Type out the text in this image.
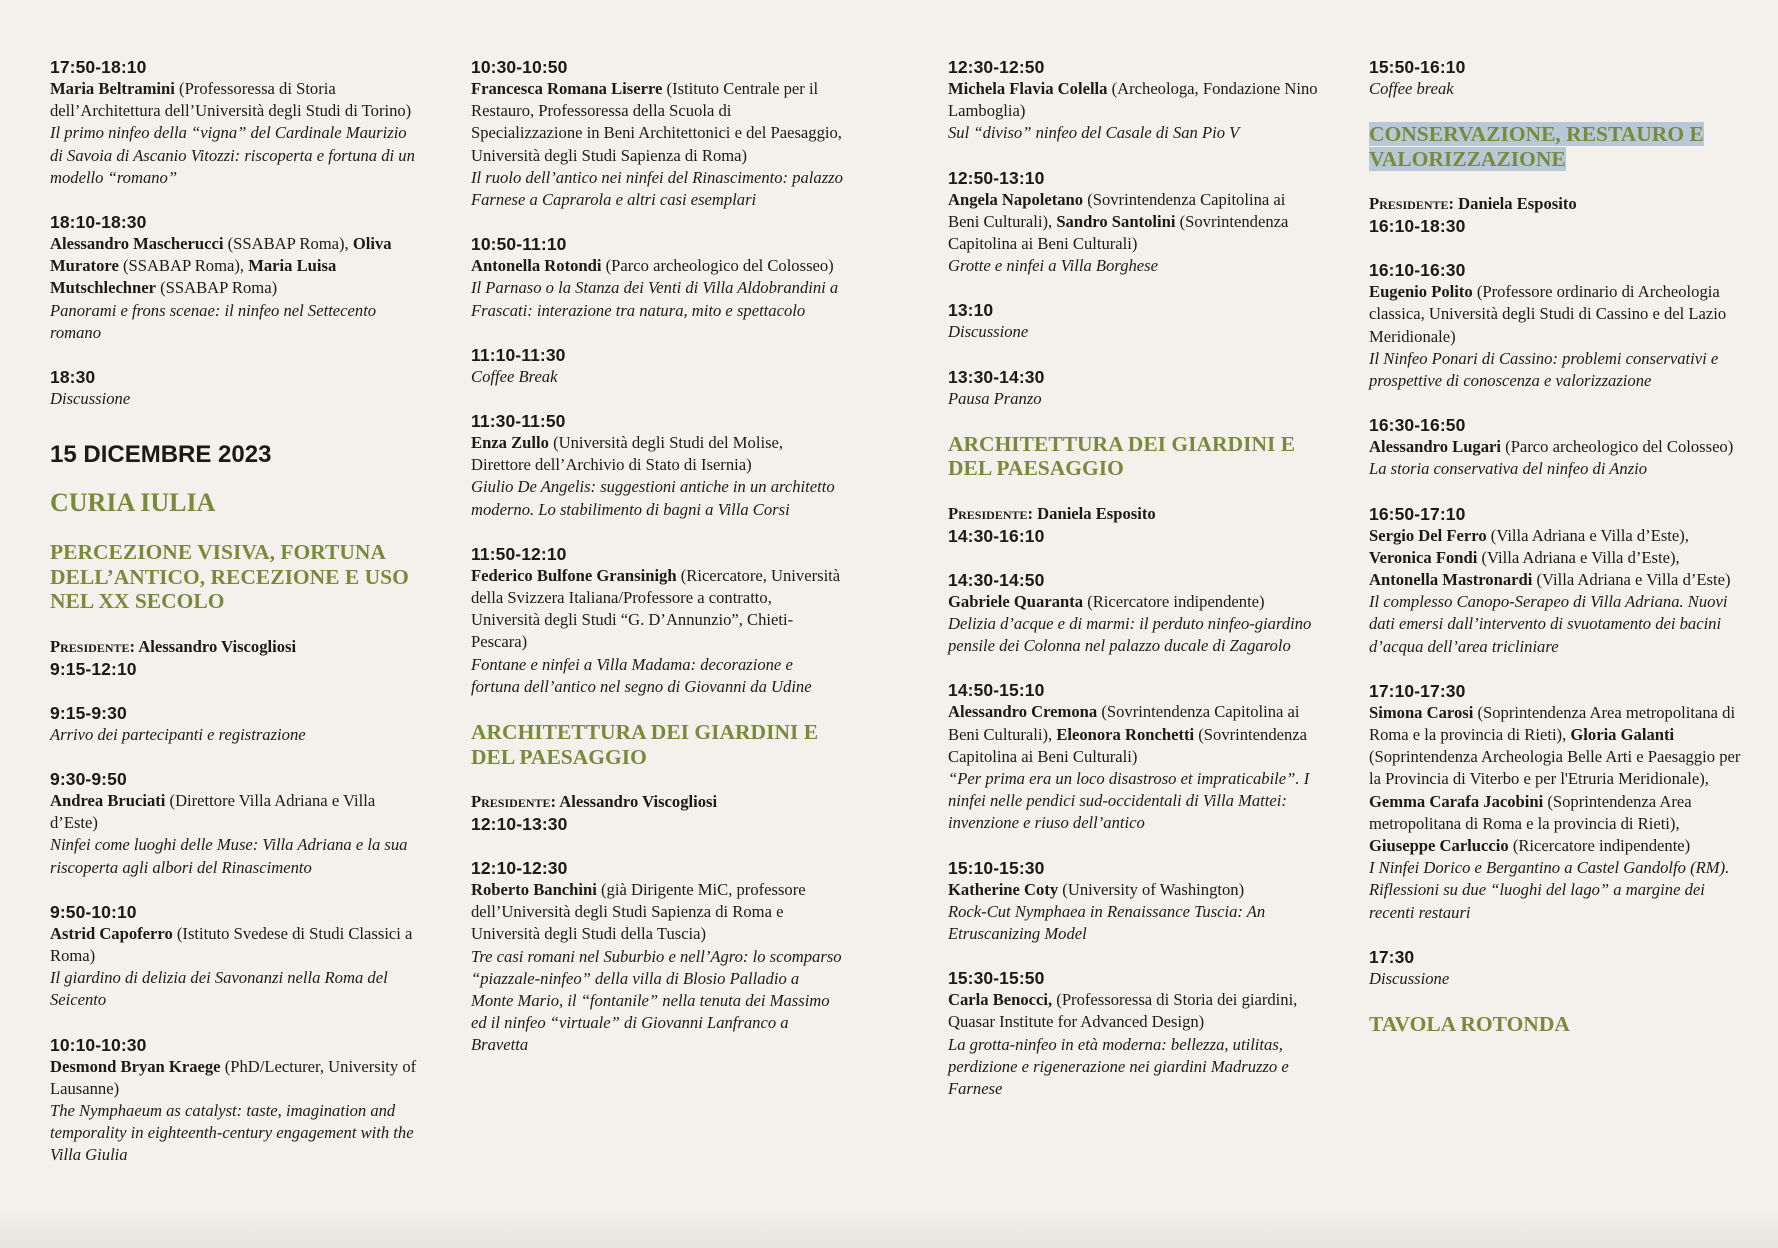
17:50-18:10
Maria Beltramini (Professoressa di Storia dell’Architettura dell’Università degli Studi di Torino)
Il primo ninfeo della “vigna” del Cardinale Maurizio di Savoia di Ascanio Vitozzi: riscoperta e fortuna di un modello “romano”
18:10-18:30
Alessandro Mascherucci (SSABAP Roma), Oliva Muratore (SSABAP Roma), Maria Luisa Mutschlechner (SSABAP Roma)
Panorami e frons scenae: il ninfeo nel Settecento romano
18:30
Discussione
15 DICEMBRE 2023
CURIA IULIA
PERCEZIONE VISIVA, FORTUNA DELL’ANTICO, RECEZIONE E USO NEL XX SECOLO
Presidente: Alessandro Viscogliosi
9:15-12:10
9:15-9:30
Arrivo dei partecipanti e registrazione
9:30-9:50
Andrea Bruciati (Direttore Villa Adriana e Villa d’Este)
Ninfei come luoghi delle Muse: Villa Adriana e la sua riscoperta agli albori del Rinascimento
9:50-10:10
Astrid Capoferro (Istituto Svedese di Studi Classici a Roma)
Il giardino di delizia dei Savonanzi nella Roma del Seicento
10:10-10:30
Desmond Bryan Kraege (PhD/Lecturer, University of Lausanne)
The Nymphaeum as catalyst: taste, imagination and temporality in eighteenth-century engagement with the Villa Giulia
10:30-10:50
Francesca Romana Liserre (Istituto Centrale per il Restauro, Professoressa della Scuola di Specializzazione in Beni Architettonici e del Paesaggio, Università degli Studi Sapienza di Roma)
Il ruolo dell’antico nei ninfei del Rinascimento: palazzo Farnese a Caprarola e altri casi esemplari
10:50-11:10
Antonella Rotondi (Parco archeologico del Colosseo)
Il Parnaso o la Stanza dei Venti di Villa Aldobrandini a Frascati: interazione tra natura, mito e spettacolo
11:10-11:30
Coffee Break
11:30-11:50
Enza Zullo (Università degli Studi del Molise, Direttore dell’Archivio di Stato di Isernia)
Giulio De Angelis: suggestioni antiche in un architetto moderno. Lo stabilimento di bagni a Villa Corsi
11:50-12:10
Federico Bulfone Gransinigh (Ricercatore, Università della Svizzera Italiana/Professore a contratto, Università degli Studi “G. D’Annunzio”, Chieti-Pescara)
Fontane e ninfei a Villa Madama: decorazione e fortuna dell’antico nel segno di Giovanni da Udine
ARCHITETTURA DEI GIARDINI E DEL PAESAGGIO
Presidente: Alessandro Viscogliosi
12:10-13:30
12:10-12:30
Roberto Banchini (già Dirigente MiC, professore dell’Università degli Studi Sapienza di Roma e Università degli Studi della Tuscia)
Tre casi romani nel Suburbio e nell’Agro: lo scomparso “piazzale-ninfeo” della villa di Blosio Palladio a Monte Mario, il “fontanile” nella tenuta dei Massimo ed il ninfeo “virtuale” di Giovanni Lanfranco a Bravetta
12:30-12:50
Michela Flavia Colella (Archeologa, Fondazione Nino Lamboglia)
Sul “diviso” ninfeo del Casale di San Pio V
12:50-13:10
Angela Napoletano (Sovrintendenza Capitolina ai Beni Culturali), Sandro Santolini (Sovrintendenza Capitolina ai Beni Culturali)
Grotte e ninfei a Villa Borghese
13:10
Discussione
13:30-14:30
Pausa Pranzo
ARCHITETTURA DEI GIARDINI E DEL PAESAGGIO
Presidente: Daniela Esposito
14:30-16:10
14:30-14:50
Gabriele Quaranta (Ricercatore indipendente)
Delizia d’acque e di marmi: il perduto ninfeo-giardino pensile dei Colonna nel palazzo ducale di Zagarolo
14:50-15:10
Alessandro Cremona (Sovrintendenza Capitolina ai Beni Culturali), Eleonora Ronchetti (Sovrintendenza Capitolina ai Beni Culturali)
“Per prima era un loco disastroso et impraticabile”. I ninfei nelle pendici sud-occidentali di Villa Mattei: invenzione e riuso dell’antico
15:10-15:30
Katherine Coty (University of Washington)
Rock-Cut Nymphaea in Renaissance Tuscia: An Etruscanizing Model
15:30-15:50
Carla Benocci, (Professoressa di Storia dei giardini, Quasar Institute for Advanced Design)
La grotta-ninfeo in età moderna: bellezza, utilitas, perdizione e rigenerazione nei giardini Madruzzo e Farnese
15:50-16:10
Coffee break
CONSERVAZIONE, RESTAURO E VALORIZZAZIONE
Presidente: Daniela Esposito
16:10-18:30
16:10-16:30
Eugenio Polito (Professore ordinario di Archeologia classica, Università degli Studi di Cassino e del Lazio Meridionale)
Il Ninfeo Ponari di Cassino: problemi conservativi e prospettive di conoscenza e valorizzazione
16:30-16:50
Alessandro Lugari (Parco archeologico del Colosseo)
La storia conservativa del ninfeo di Anzio
16:50-17:10
Sergio Del Ferro (Villa Adriana e Villa d’Este), Veronica Fondi (Villa Adriana e Villa d’Este), Antonella Mastronardi (Villa Adriana e Villa d’Este)
Il complesso Canopo-Serapeo di Villa Adriana. Nuovi dati emersi dall’intervento di svuotamento dei bacini d’acqua dell’area tricliniare
17:10-17:30
Simona Carosi (Soprintendenza Area metropolitana di Roma e la provincia di Rieti), Gloria Galanti (Soprintendenza Archeologia Belle Arti e Paesaggio per la Provincia di Viterbo e per l'Etruria Meridionale), Gemma Carafa Jacobini (Soprintendenza Area metropolitana di Roma e la provincia di Rieti), Giuseppe Carluccio (Ricercatore indipendente)
I Ninfei Dorico e Bergantino a Castel Gandolfo (RM). Riflessioni su due “luoghi del lago” a margine dei recenti restauri
17:30
Discussione
TAVOLA ROTONDA
